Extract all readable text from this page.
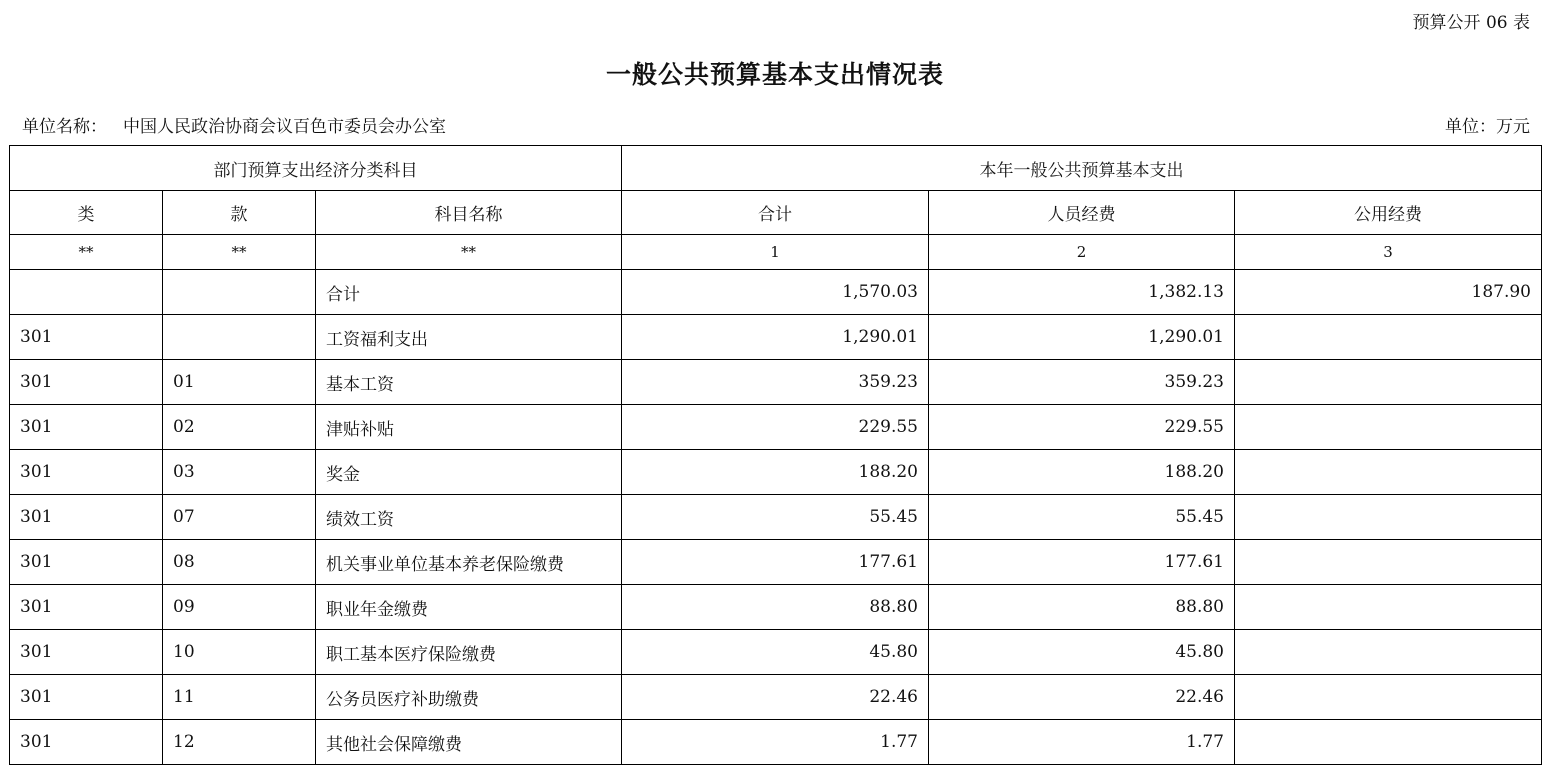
预算公开 06 表
一般公共预算基本支出情况表
单位名称： 中国人民政治协商会议百色市委员会办公室	单位：万元
部门预算支出经济分类科目			本年一般公共预算基本支出		
类	款	科目名称	合计	人员经费	公用经费
**	**	**	1	2	3
		合计	1,570.03	1,382.13	187.90
301		工资福利支出	1,290.01	1,290.01	
301	01	基本工资	359.23	359.23	
301	02	津贴补贴	229.55	229.55	
301	03	奖金	188.20	188.20	
301	07	绩效工资	55.45	55.45	
301	08	机关事业单位基本养老保险缴费	177.61	177.61	
301	09	职业年金缴费	88.80	88.80	
301	10	职工基本医疗保险缴费	45.80	45.80	
301	11	公务员医疗补助缴费	22.46	22.46	
301	12	其他社会保障缴费	1.77	1.77	
